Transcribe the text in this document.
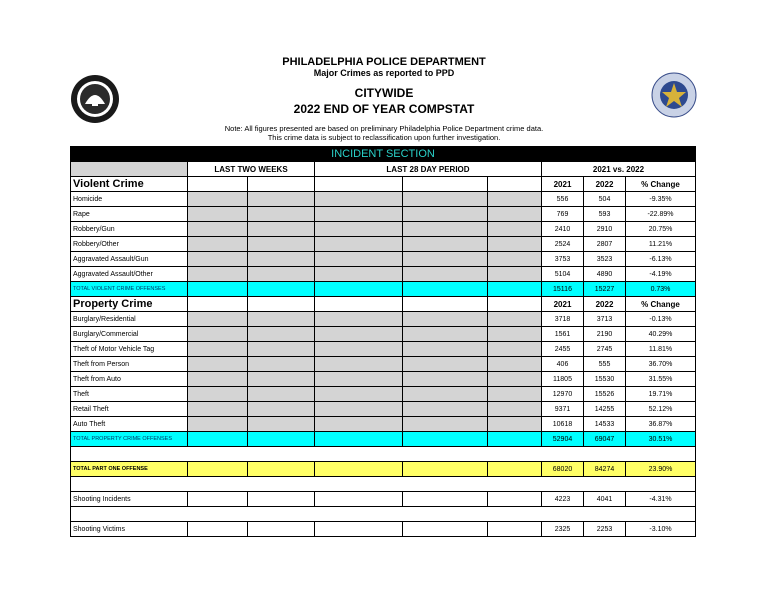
PHILADELPHIA POLICE DEPARTMENT
Major Crimes as reported to PPD
CITYWIDE
2022 END OF YEAR COMPSTAT
Note: All figures presented are based on preliminary Philadelphia Police Department crime data.
This crime data is subject to reclassification upon further investigation.
INCIDENT SECTION								
	LAST TWO WEEKS		LAST 28 DAY PERIOD			2021 vs. 2022		
Violent Crime						2021	2022	% Change
Homicide						556	504	-9.35%
Rape						769	593	-22.89%
Robbery/Gun						2410	2910	20.75%
Robbery/Other						2524	2807	11.21%
Aggravated Assault/Gun						3753	3523	-6.13%
Aggravated Assault/Other						5104	4890	-4.19%
TOTAL VIOLENT CRIME OFFENSES						15116	15227	0.73%
Property Crime						2021	2022	% Change
Burglary/Residential						3718	3713	-0.13%
Burglary/Commercial						1561	2190	40.29%
Theft of Motor Vehicle Tag						2455	2745	11.81%
Theft from Person						406	555	36.70%
Theft from Auto						11805	15530	31.55%
Theft						12970	15526	19.71%
Retail Theft						9371	14255	52.12%
Auto Theft						10618	14533	36.87%
TOTAL PROPERTY CRIME OFFENSES						52904	69047	30.51%

TOTAL PART ONE OFFENSE						68020	84274	23.90%

Shooting Incidents						4223	4041	-4.31%

Shooting Victims						2325	2253	-3.10%
